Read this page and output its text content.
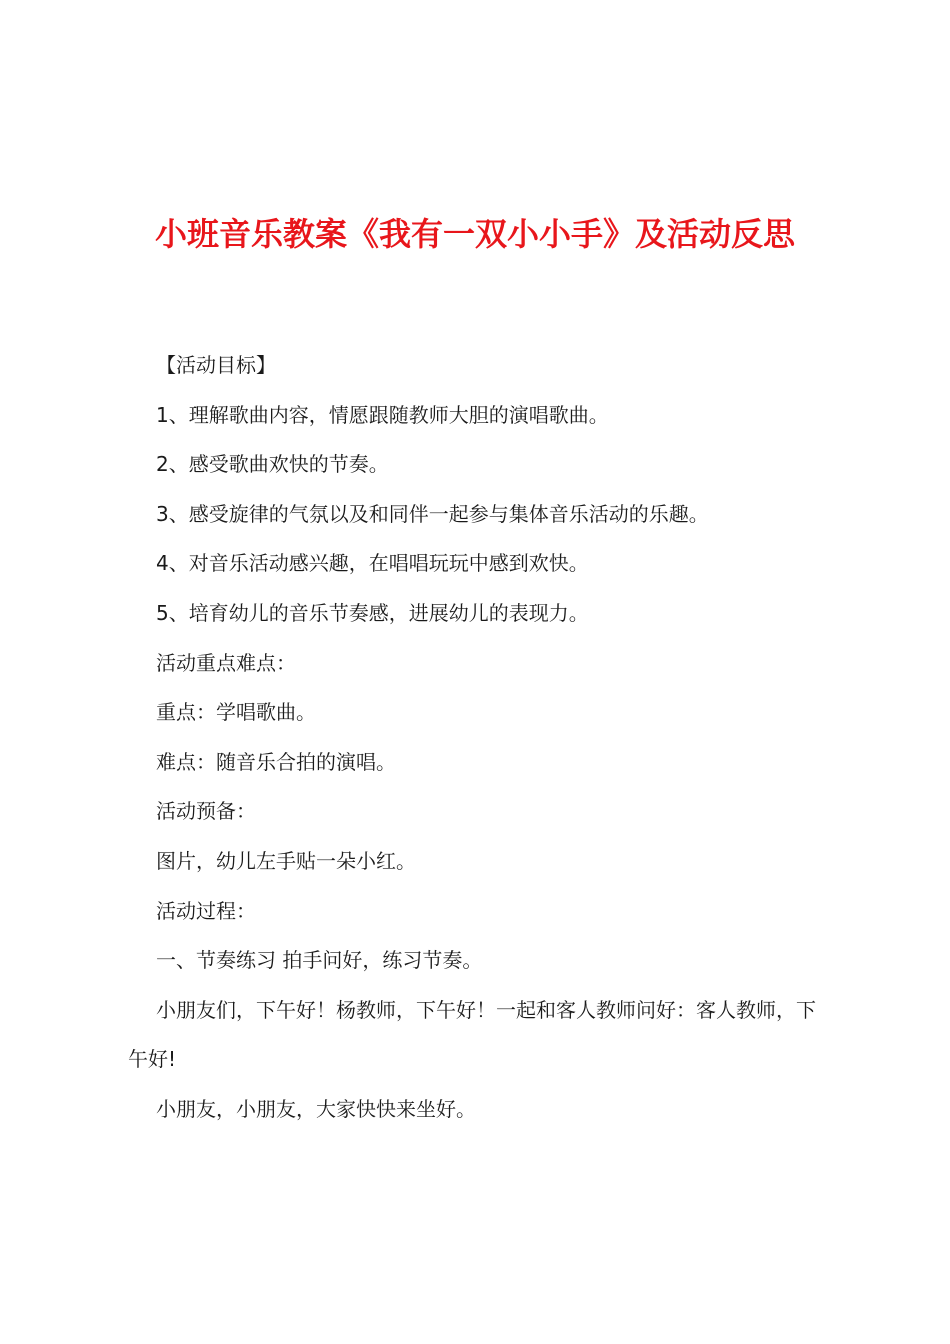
小班音乐教案《我有一双小小手》及活动反思

【活动目标】

1、理解歌曲内容，情愿跟随教师大胆的演唱歌曲。

2、感受歌曲欢快的节奏。

3、感受旋律的气氛以及和同伴一起参与集体音乐活动的乐趣。

4、对音乐活动感兴趣，在唱唱玩玩中感到欢快。

5、培育幼儿的音乐节奏感，进展幼儿的表现力。

活动重点难点：

重点：学唱歌曲。

难点：随音乐合拍的演唱。

活动预备：

图片，幼儿左手贴一朵小红。

活动过程：

一、节奏练习 拍手问好，练习节奏。

小朋友们，下午好！杨教师，下午好！一起和客人教师问好：客人教师，下午好!

小朋友，小朋友，大家快快来坐好。
